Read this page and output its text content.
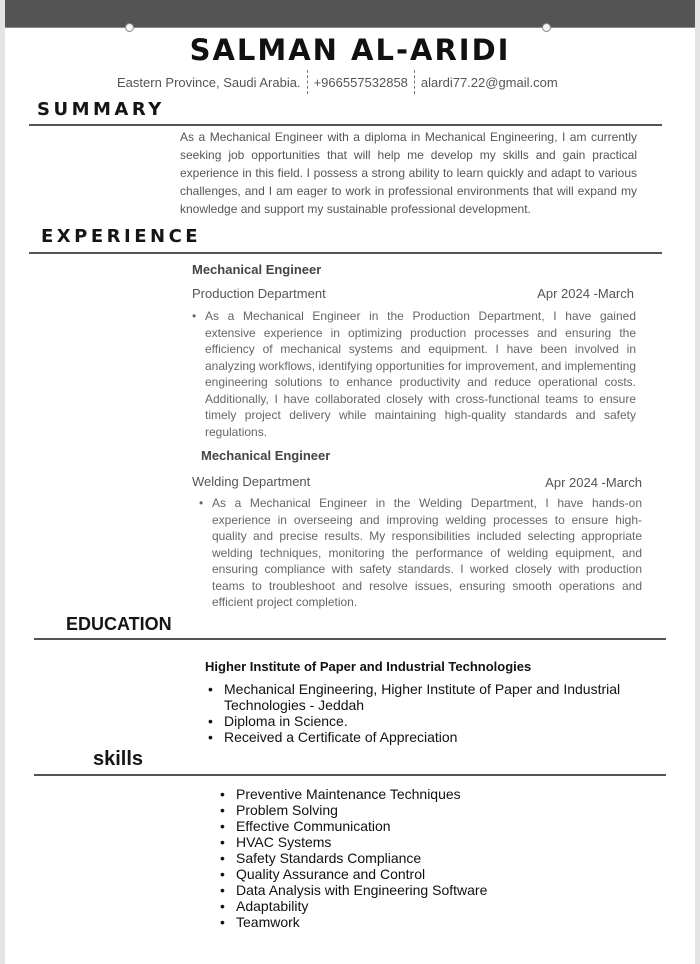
SALMAN AL-ARIDI
Eastern Province, Saudi Arabia. +966557532858 alardi77.22@gmail.com
SUMMARY
As a Mechanical Engineer with a diploma in Mechanical Engineering, I am currently seeking job opportunities that will help me develop my skills and gain practical experience in this field. I possess a strong ability to learn quickly and adapt to various challenges, and I am eager to work in professional environments that will expand my knowledge and support my sustainable professional development.
EXPERIENCE
Mechanical Engineer
Production Department	Apr 2024 -March
• As a Mechanical Engineer in the Production Department, I have gained extensive experience in optimizing production processes and ensuring the efficiency of mechanical systems and equipment. I have been involved in analyzing workflows, identifying opportunities for improvement, and implementing engineering solutions to enhance productivity and reduce operational costs. Additionally, I have collaborated closely with cross-functional teams to ensure timely project delivery while maintaining high-quality standards and safety regulations.
Mechanical Engineer
Welding Department	Apr 2024 -March
• As a Mechanical Engineer in the Welding Department, I have hands-on experience in overseeing and improving welding processes to ensure high-quality and precise results. My responsibilities included selecting appropriate welding techniques, monitoring the performance of welding equipment, and ensuring compliance with safety standards. I worked closely with production teams to troubleshoot and resolve issues, ensuring smooth operations and efficient project completion.
EDUCATION
Higher Institute of Paper and Industrial Technologies
• Mechanical Engineering, Higher Institute of Paper and Industrial Technologies - Jeddah
• Diploma in Science.
• Received a Certificate of Appreciation
skills
• Preventive Maintenance Techniques
• Problem Solving
• Effective Communication
• HVAC Systems
• Safety Standards Compliance
• Quality Assurance and Control
• Data Analysis with Engineering Software
• Adaptability
• Teamwork
